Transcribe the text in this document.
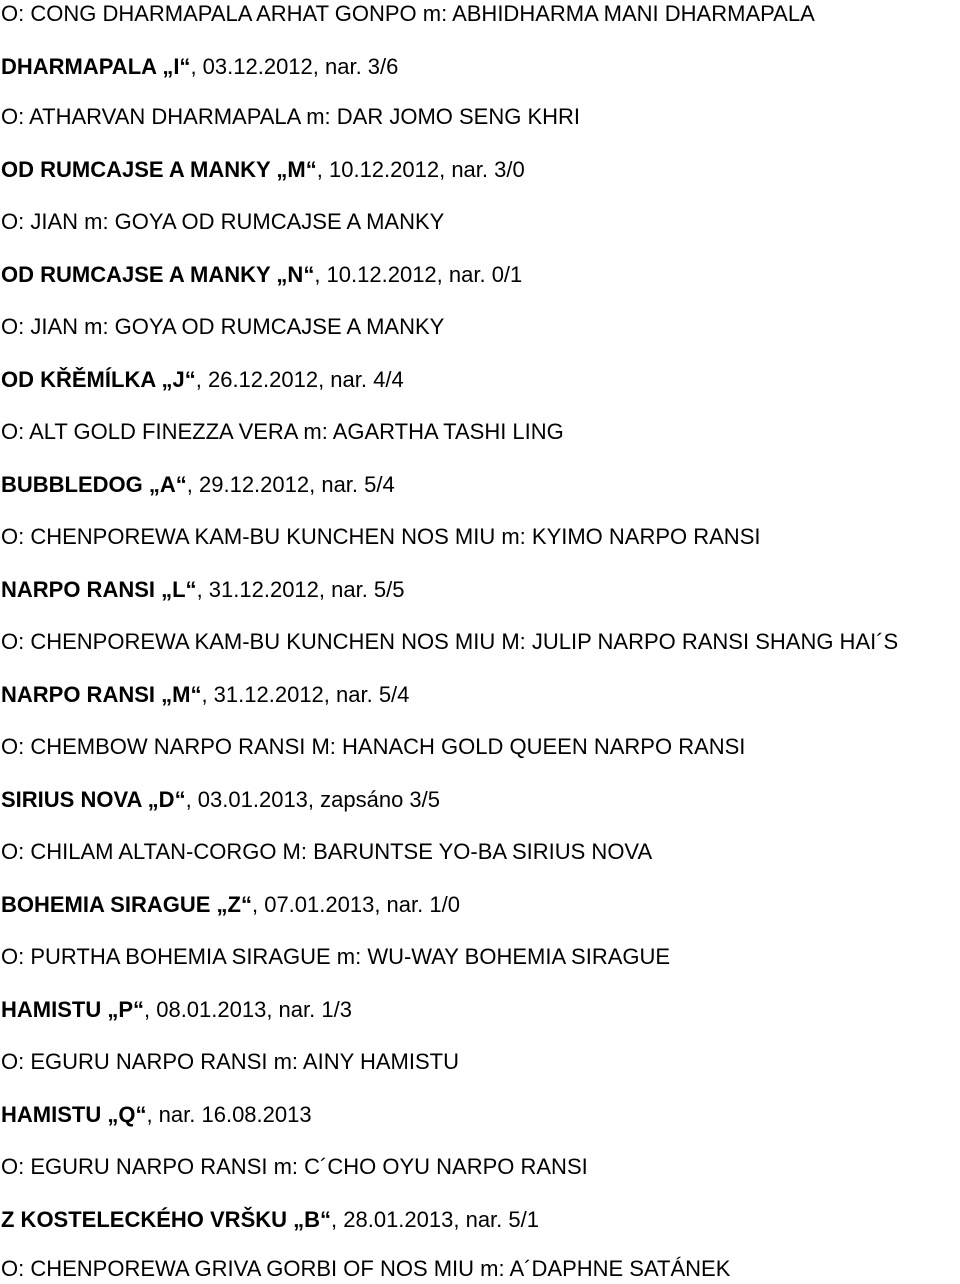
O: CONG DHARMAPALA ARHAT GONPO m: ABHIDHARMA MANI DHARMAPALA
DHARMAPALA „I“, 03.12.2012, nar. 3/6
O: ATHARVAN DHARMAPALA m: DAR JOMO SENG KHRI
OD RUMCAJSE A MANKY „M“, 10.12.2012, nar. 3/0
O: JIAN m: GOYA OD RUMCAJSE A MANKY
OD RUMCAJSE A MANKY „N“, 10.12.2012, nar. 0/1
O: JIAN m: GOYA OD RUMCAJSE A MANKY
OD KŘĚMÍLKA „J“, 26.12.2012, nar. 4/4
O: ALT GOLD FINEZZA VERA m: AGARTHA TASHI LING
BUBBLEDOG „A“, 29.12.2012, nar. 5/4
O: CHENPOREWA KAM-BU KUNCHEN NOS MIU m: KYIMO NARPO RANSI
NARPO RANSI „L“, 31.12.2012, nar. 5/5
O: CHENPOREWA KAM-BU KUNCHEN NOS MIU M: JULIP NARPO RANSI SHANG HAI´S
NARPO RANSI „M“, 31.12.2012, nar. 5/4
O: CHEMBOW NARPO RANSI M: HANACH GOLD QUEEN NARPO RANSI
SIRIUS NOVA „D“, 03.01.2013, zapsáno 3/5
O: CHILAM ALTAN-CORGO M: BARUNTSE YO-BA SIRIUS NOVA
BOHEMIA SIRAGUE „Z“, 07.01.2013, nar. 1/0
O: PURTHA BOHEMIA SIRAGUE m: WU-WAY BOHEMIA SIRAGUE
HAMISTU „P“, 08.01.2013, nar. 1/3
O: EGURU NARPO RANSI m: AINY HAMISTU
HAMISTU „Q“, nar. 16.08.2013
O: EGURU NARPO RANSI m: C´CHO OYU NARPO RANSI
Z KOSTELECKÉHO VRŠKU „B“, 28.01.2013, nar. 5/1
O: CHENPOREWA GRIVA GORBI OF NOS MIU m: A´DAPHNE SATÁNEK
